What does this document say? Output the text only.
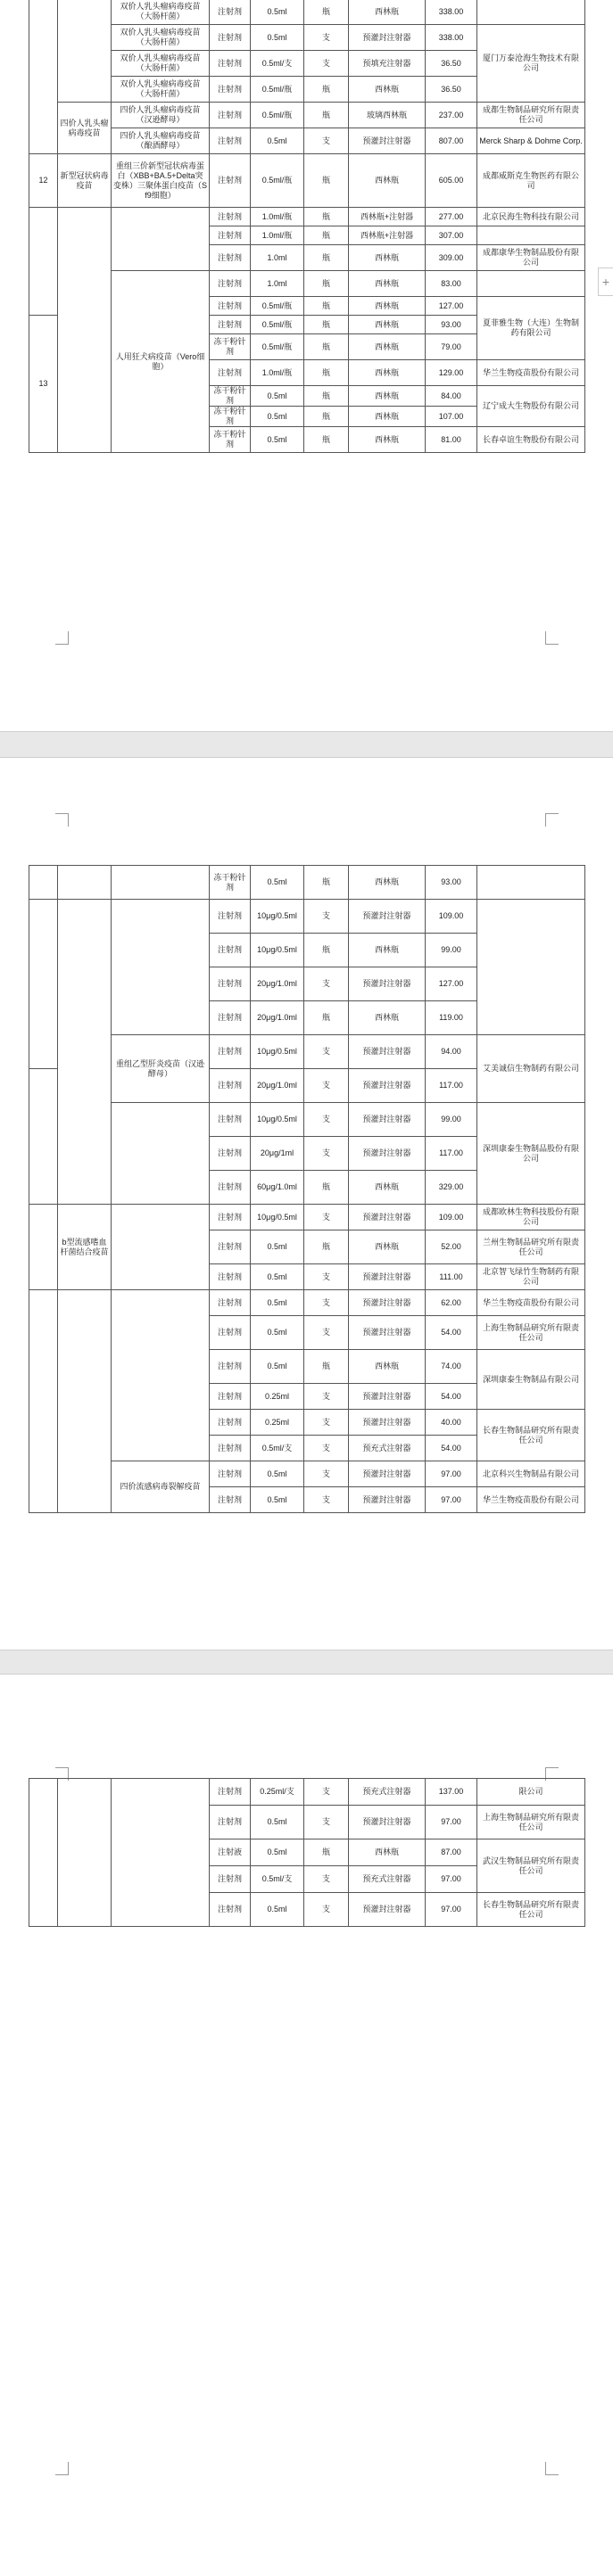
		双价人乳头瘤病毒疫苗（大肠杆菌）	注射剂	0.5ml	瓶	西林瓶	338.00	
		双价人乳头瘤病毒疫苗（大肠杆菌）	注射剂	0.5ml	支	预灌封注射器	338.00	厦门万泰沧海生物技术有限公司
		双价人乳头瘤病毒疫苗（大肠杆菌）	注射剂	0.5ml/支	支	预填充注射器	36.50	
		双价人乳头瘤病毒疫苗（大肠杆菌）	注射剂	0.5ml/瓶	瓶	西林瓶	36.50	
	四价人乳头瘤病毒疫苗	四价人乳头瘤病毒疫苗（汉逊酵母）	注射剂	0.5ml/瓶	瓶	玻璃西林瓶	237.00	成都生物制品研究所有限责任公司
		四价人乳头瘤病毒疫苗（酿酒酵母）	注射剂	0.5ml	支	预灌封注射器	807.00	Merck Sharp & Dohme Corp.
12	新型冠状病毒疫苗	重组三价新型冠状病毒蛋白（XBB+BA.5+Delta突变株）三聚体蛋白疫苗（Sf9细胞）	注射剂	0.5ml/瓶	瓶	西林瓶	605.00	成都威斯克生物医药有限公司
			注射剂	1.0ml/瓶	瓶	西林瓶+注射器	277.00	北京民海生物科技有限公司
			注射剂	1.0ml/瓶	瓶	西林瓶+注射器	307.00	
			注射剂	1.0ml	瓶	西林瓶	309.00	成都康华生物制品股份有限公司
		人用狂犬病疫苗（Vero细胞）	注射剂	1.0ml	瓶	西林瓶	83.00	
			注射剂	0.5ml/瓶	瓶	西林瓶	127.00	夏菲雅生物（大连）生物制药有限公司
13			注射剂	0.5ml/瓶	瓶	西林瓶	93.00	
			冻干粉针剂	0.5ml/瓶	瓶	西林瓶	79.00	
			注射剂	1.0ml/瓶	瓶	西林瓶	129.00	华兰生物疫苗股份有限公司
			冻干粉针剂	0.5ml	瓶	西林瓶	84.00	辽宁成大生物股份有限公司
			冻干粉针剂	0.5ml	瓶	西林瓶	107.00	
			冻干粉针剂	0.5ml	瓶	西林瓶	81.00	长春卓谊生物股份有限公司
			冻干粉针剂	0.5ml	瓶	西林瓶	93.00	
			注射剂	10μg/0.5ml	支	预灌封注射器	109.00	
			注射剂	10μg/0.5ml	瓶	西林瓶	99.00	
			注射剂	20μg/1.0ml	支	预灌封注射器	127.00	
			注射剂	20μg/1.0ml	瓶	西林瓶	119.00	
		重组乙型肝炎疫苗（汉逊酵母）	注射剂	10μg/0.5ml	支	预灌封注射器	94.00	艾美诚信生物制药有限公司
			注射剂	20μg/1.0ml	支	预灌封注射器	117.00	
			注射剂	10μg/0.5ml	支	预灌封注射器	99.00	深圳康泰生物制品股份有限公司
			注射剂	20μg/1ml	支	预灌封注射器	117.00	
			注射剂	60μg/1.0ml	瓶	西林瓶	329.00	
	b型流感嗜血杆菌结合疫苗		注射剂	10μg/0.5ml	支	预灌封注射器	109.00	成都欧林生物科技股份有限公司
			注射剂	0.5ml	瓶	西林瓶	52.00	兰州生物制品研究所有限责任公司
			注射剂	0.5ml	支	预灌封注射器	111.00	北京智飞绿竹生物制药有限公司
			注射剂	0.5ml	支	预灌封注射器	62.00	华兰生物疫苗股份有限公司
			注射剂	0.5ml	支	预灌封注射器	54.00	上海生物制品研究所有限责任公司
			注射剂	0.5ml	瓶	西林瓶	74.00	深圳康泰生物制品有限公司
			注射剂	0.25ml	支	预灌封注射器	54.00	
			注射剂	0.25ml	支	预灌封注射器	40.00	长春生物制品研究所有限责任公司
			注射剂	0.5ml/支	支	预充式注射器	54.00	
		四价流感病毒裂解疫苗	注射剂	0.5ml	支	预灌封注射器	97.00	北京科兴生物制品有限公司
			注射剂	0.5ml	支	预灌封注射器	97.00	华兰生物疫苗股份有限公司
			注射剂	0.25ml/支	支	预充式注射器	137.00	限公司
			注射剂	0.5ml	支	预灌封注射器	97.00	上海生物制品研究所有限责任公司
			注射液	0.5ml	瓶	西林瓶	87.00	武汉生物制品研究所有限责任公司
			注射剂	0.5ml/支	支	预充式注射器	97.00	
			注射剂	0.5ml	支	预灌封注射器	97.00	长春生物制品研究所有限责任公司
+
